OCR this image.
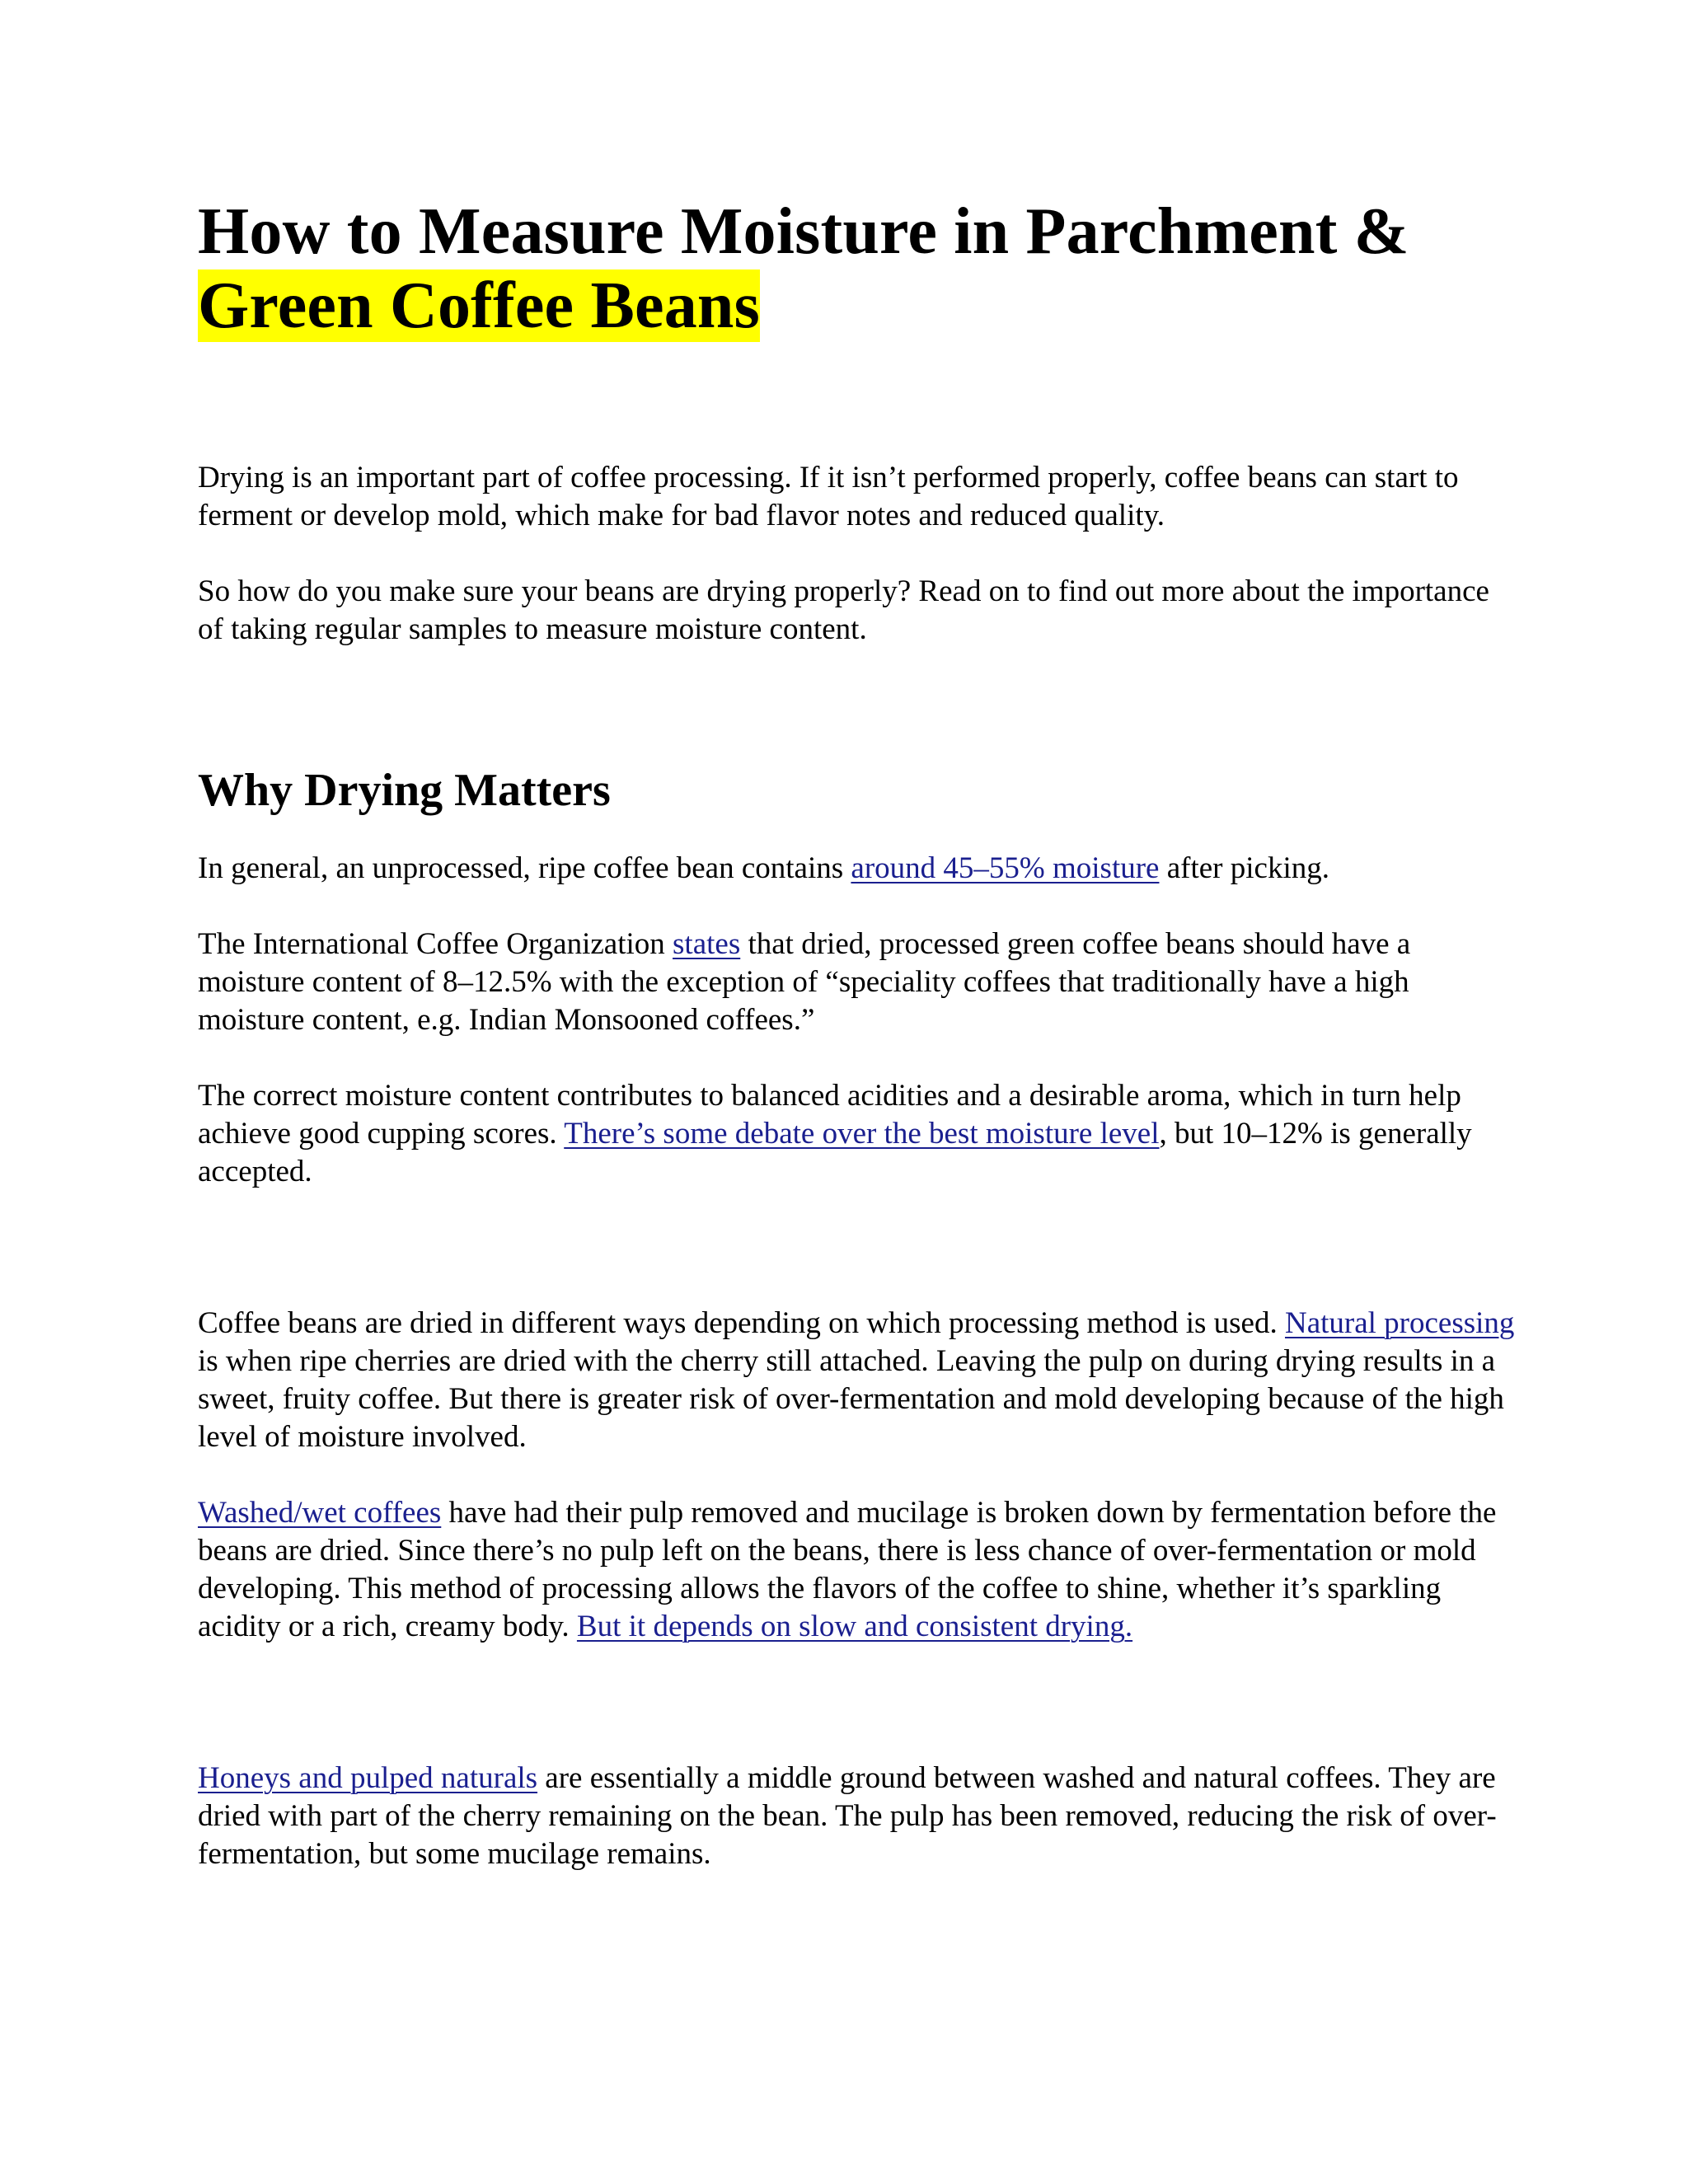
How to Measure Moisture in Parchment &
Green Coffee Beans

Drying is an important part of coffee processing. If it isn’t performed properly, coffee beans can start to ferment or develop mold, which make for bad flavor notes and reduced quality.

So how do you make sure your beans are drying properly? Read on to find out more about the importance of taking regular samples to measure moisture content.

Why Drying Matters

In general, an unprocessed, ripe coffee bean contains around 45–55% moisture after picking.

The International Coffee Organization states that dried, processed green coffee beans should have a moisture content of 8–12.5% with the exception of “speciality coffees that traditionally have a high moisture content, e.g. Indian Monsooned coffees.”

The correct moisture content contributes to balanced acidities and a desirable aroma, which in turn help achieve good cupping scores. There’s some debate over the best moisture level, but 10–12% is generally accepted.

Coffee beans are dried in different ways depending on which processing method is used. Natural processing is when ripe cherries are dried with the cherry still attached. Leaving the pulp on during drying results in a sweet, fruity coffee. But there is greater risk of over-fermentation and mold developing because of the high level of moisture involved.

Washed/wet coffees have had their pulp removed and mucilage is broken down by fermentation before the beans are dried. Since there’s no pulp left on the beans, there is less chance of over-fermentation or mold developing. This method of processing allows the flavors of the coffee to shine, whether it’s sparkling acidity or a rich, creamy body. But it depends on slow and consistent drying.

Honeys and pulped naturals are essentially a middle ground between washed and natural coffees. They are dried with part of the cherry remaining on the bean. The pulp has been removed, reducing the risk of over-fermentation, but some mucilage remains.
